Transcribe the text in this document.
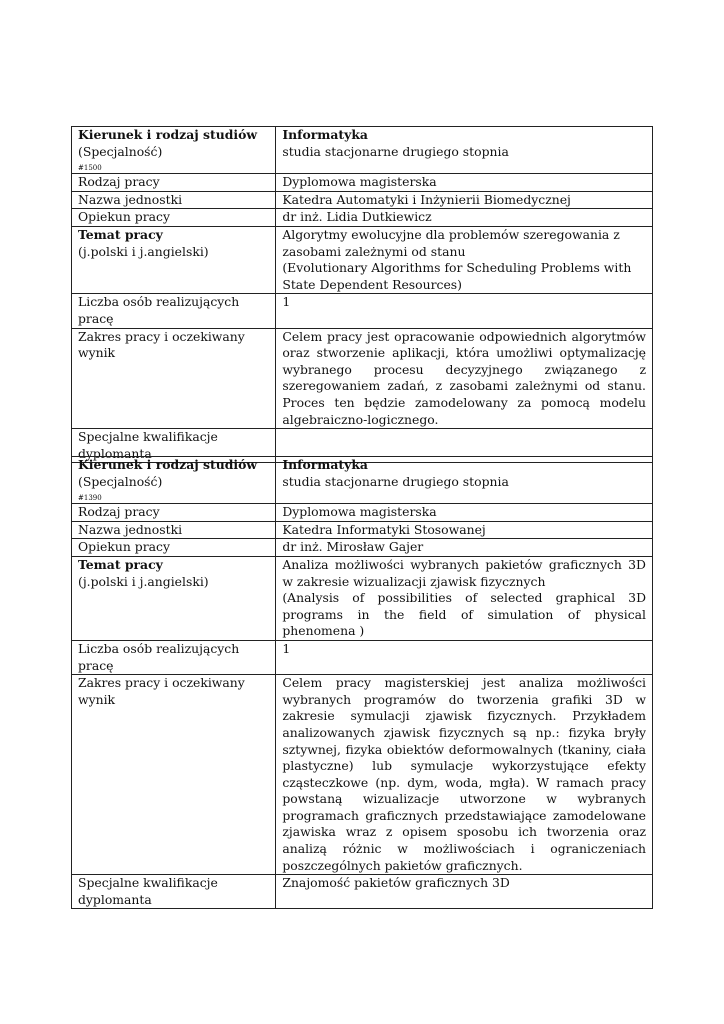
Kierunek i rodzaj studiów
(Specjalność)
#1500	Informatyka
studia stacjonarne drugiego stopnia

Rodzaj pracy	Dyplomowa magisterska
Nazwa jednostki	Katedra Automatyki i Inżynierii Biomedycznej
Opiekun pracy	dr inż. Lidia Dutkiewicz

Temat pracy
(j.polski i j.angielski)	Algorytmy ewolucyjne dla problemów szeregowania z zasobami zależnymi od stanu
(Evolutionary Algorithms for Scheduling Problems with State Dependent Resources)

Liczba osób realizujących pracę	1
Zakres pracy i oczekiwany wynik	Celem pracy jest opracowanie odpowiednich algorytmów oraz stworzenie aplikacji, która umożliwi optymalizację wybranego procesu decyzyjnego związanego z szeregowaniem zadań, z zasobami zależnymi od stanu. Proces ten będzie zamodelowany za pomocą modelu algebraiczno-logicznego.
Specjalne kwalifikacje dyplomanta	
Kierunek i rodzaj studiów
(Specjalność)
#1390	Informatyka
studia stacjonarne drugiego stopnia

Rodzaj pracy	Dyplomowa magisterska
Nazwa jednostki	Katedra Informatyki Stosowanej
Opiekun pracy	dr inż. Mirosław Gajer

Temat pracy
(j.polski i j.angielski)	Analiza możliwości wybranych pakietów graficznych 3D w zakresie wizualizacji zjawisk fizycznych
(Analysis of possibilities of selected graphical 3D programs in the field of simulation of physical phenomena )

Liczba osób realizujących pracę	1
Zakres pracy i oczekiwany wynik	Celem pracy magisterskiej jest analiza możliwości wybranych programów do tworzenia grafiki 3D w zakresie symulacji zjawisk fizycznych. Przykładem analizowanych zjawisk fizycznych są np.: fizyka bryły sztywnej, fizyka obiektów deformowalnych (tkaniny, ciała plastyczne) lub symulacje wykorzystujące efekty cząsteczkowe (np. dym, woda, mgła). W ramach pracy powstaną wizualizacje utworzone w wybranych programach graficznych przedstawiające zamodelowane zjawiska wraz z opisem sposobu ich tworzenia oraz analizą różnic w możliwościach i ograniczeniach poszczególnych pakietów graficznych.
Specjalne kwalifikacje dyplomanta	Znajomość pakietów graficznych 3D
